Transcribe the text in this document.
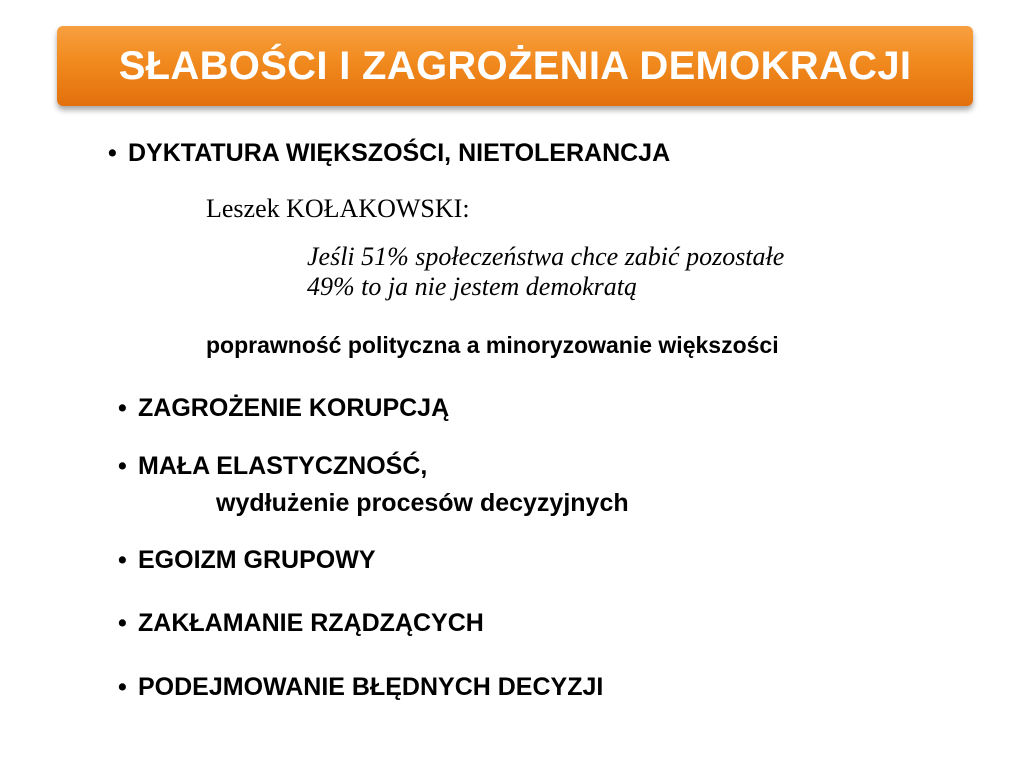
SŁABOŚCI I ZAGROŻENIA DEMOKRACJI
• DYKTATURA WIĘKSZOŚCI, NIETOLERANCJA
Leszek KOŁAKOWSKI:
Jeśli 51% społeczeństwa chce zabić pozostałe
49% to ja nie jestem demokratą
poprawność polityczna a minoryzowanie większości
• ZAGROŻENIE KORUPCJĄ
• MAŁA ELASTYCZNOŚĆ,
wydłużenie procesów decyzyjnych
• EGOIZM GRUPOWY
• ZAKŁAMANIE RZĄDZĄCYCH
• PODEJMOWANIE BŁĘDNYCH DECYZJI
